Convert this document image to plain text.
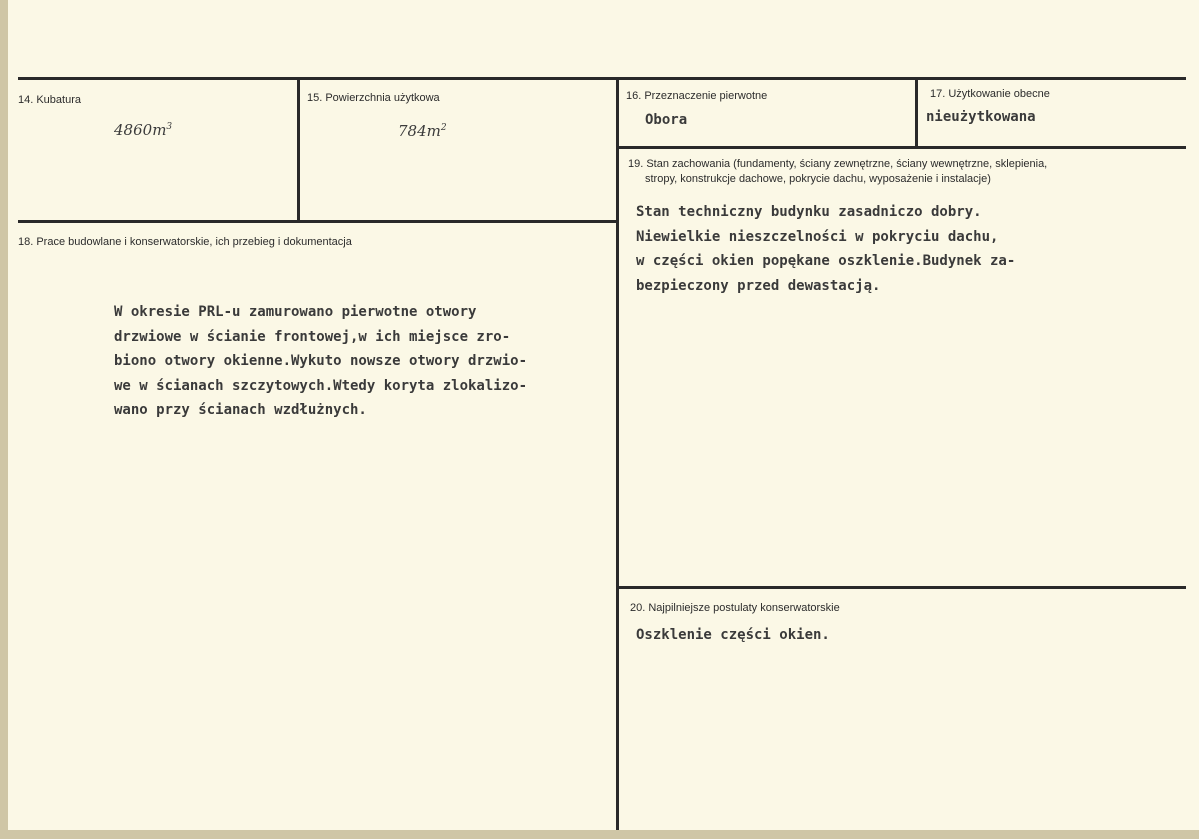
14. Kubatura
$4860m^3$
15. Powierzchnia użytkowa
$784m^2$
16. Przeznaczenie pierwotne
Obora
17. Użytkowanie obecne
nieużytkowana
18. Prace budowlane i konserwatorskie, ich przebieg i dokumentacja
W okresie PRL-u zamurowano pierwotne otwory
drzwiowe w ścianie frontowej,w ich miejsce zro-
biono otwory okienne.Wykuto nowsze otwory drzwio-
we w ścianach szczytowych.Wtedy koryta zlokalizo-
wano przy ścianach wzdłużnych.
19. Stan zachowania (fundamenty, ściany zewnętrzne, ściany wewnętrzne, sklepienia,
stropy, konstrukcje dachowe, pokrycie dachu, wyposażenie i instalacje)
Stan techniczny budynku zasadniczo dobry.
Niewielkie nieszczelności w pokryciu dachu,
w części okien popękane oszklenie.Budynek za-
bezpieczony przed dewastacją.
20. Najpilniejsze postulaty konserwatorskie
Oszklenie części okien.
